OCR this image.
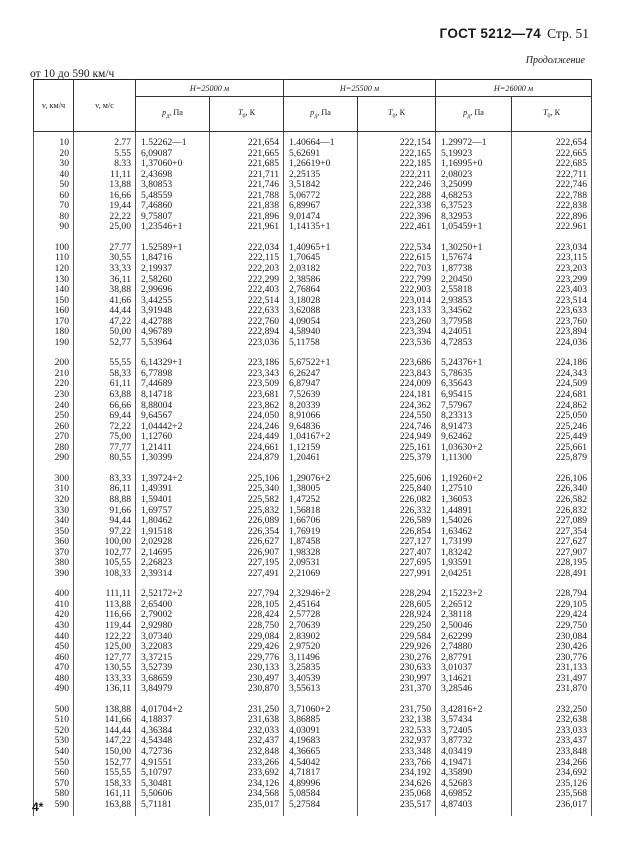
ГОСТ 5212—74 Стр. 51
Продолжение
от 10 до 590 км/ч
v, км/ч	v, м/с	H=25000 м		H=25500 м		H=26000 м	
		$p_д$, Па	$T_0$, К	$p_д$, Па	$T_0$, К	$p_д$, Па	$T_0$, К
10	2.77	1.52262—1	221,654	1.40664—1	222,154	1.29972—1	222,654
20	5.55	6,09087	221,665	5,62691	222,165	5,19923	222,665
30	8.33	1,37060+0	221,685	1,26619+0	222,185	1,16995+0	222,685
40	11,11	2,43698	221,711	2,25135	222,211	2,08023	222,711
50	13,88	3,80853	221,746	3,51842	222,246	3,25099	222,746
60	16,66	5,48559	221,788	5,06772	222,288	4,68253	222,788
70	19,44	7,46860	221,838	6,89967	222,338	6,37523	222,838
80	22,22	9,75807	221,896	9,01474	222,396	8,32953	222,896
90	25,00	1,23546+1	221,961	1,14135+1	222,461	1,05459+1	222.961

100	27.77	1.52589+1	222,034	1,40965+1	222,534	1,30250+1	223,034
110	30,55	1,84716	222,115	1,70645	222,615	1,57674	223,115
120	33,33	2,19937	222,203	2,03182	222,703	1,87738	223,203
130	36,11	2,58260	222,299	2,38586	222,799	2,20450	223,299
140	38,88	2,99696	222,403	2,76864	222,903	2,55818	223,403
150	41,66	3,44255	222,514	3,18028	223,014	2,93853	223,514
160	44,44	3,91948	222,633	3,62088	223,133	3,34562	223,633
170	47,22	4,42788	222,760	4,09054	223,260	3,77958	223,760
180	50,00	4,96789	222,894	4,58940	223,394	4,24051	223,894
190	52,77	5,53964	223,036	5,11758	223,536	4,72853	224,036

200	55,55	6,14329+1	223,186	5,67522+1	223,686	5,24376+1	224,186
210	58,33	6,77898	223,343	6,26247	223,843	5,78635	224,343
220	61,11	7,44689	223,509	6,87947	224,009	6,35643	224,509
230	63,88	8,14718	223,681	7,52639	224,181	6,95415	224,681
240	66,66	8,88004	223,862	8,20339	224,362	7,57967	224,862
250	69,44	9,64567	224,050	8,91066	224,550	8,23313	225,050
260	72,22	1,04442+2	224,246	9,64836	224,746	8,91473	225,246
270	75,00	1,12760	224,449	1,04167+2	224,949	9,62462	225,449
280	77,77	1,21411	224,661	1,12159	225,161	1,03630+2	225,661
290	80,55	1,30399	224,879	1,20461	225,379	1,11300	225,879

300	83,33	1,39724+2	225,106	1,29076+2	225,606	1,19260+2	226,106
310	86,11	1,49391	225,340	1,38005	225,840	1,27510	226,340
320	88,88	1,59401	225,582	1,47252	226,082	1,36053	226,582
330	91,66	1,69757	225,832	1,56818	226,332	1,44891	226,832
340	94,44	1,80462	226,089	1,66706	226,589	1,54026	227,089
350	97,22	1,91518	226,354	1,76919	226,854	1,63462	227,354
360	100,00	2,02928	226,627	1,87458	227,127	1,73199	227,627
370	102,77	2,14695	226,907	1,98328	227,407	1,83242	227,907
380	105,55	2,26823	227,195	2,09531	227,695	1,93591	228,195
390	108,33	2,39314	227,491	2,21069	227,991	2,04251	228,491

400	111,11	2,52172+2	227,794	2,32946+2	228,294	2,15223+2	228,794
410	113,88	2,65400	228,105	2,45164	228,605	2,26512	229,105
420	116,66	2,79002	228,424	2,57728	228,924	2,38118	229,424
430	119,44	2,92980	228,750	2,70639	229,250	2,50046	229,750
440	122,22	3,07340	229,084	2,83902	229,584	2,62299	230,084
450	125,00	3,22083	229,426	2,97520	229,926	2,74880	230,426
460	127,77	3,37215	229,776	3,11496	230,276	2,87791	230,776
470	130,55	3,52739	230,133	3,25835	230,633	3,01037	231,133
480	133,33	3,68659	230,497	3,40539	230,997	3,14621	231,497
490	136,11	3,84979	230,870	3,55613	231,370	3,28546	231,870

500	138,88	4,01704+2	231,250	3,71060+2	231,750	3,42816+2	232,250
510	141,66	4,18837	231,638	3,86885	232,138	3,57434	232,638
520	144,44	4,36384	232,033	4,03091	232,533	3,72405	233,033
530	147,22	4,54348	232,437	4,19683	232,937	3,87732	233,437
540	150,00	4,72736	232,848	4,36665	233,348	4,03419	233,848
550	152,77	4,91551	233,266	4,54042	233,766	4,19471	234,266
560	155,55	5,10797	233,692	4,71817	234,192	4,35890	234,692
570	158,33	5,30481	234,126	4,89996	234,626	4,52683	235,126
580	161,11	5,50606	234,568	5,08584	235,068	4,69852	235,568
590	163,88	5,71181	235,017	5,27584	235,517	4,87403	236,017
4*
